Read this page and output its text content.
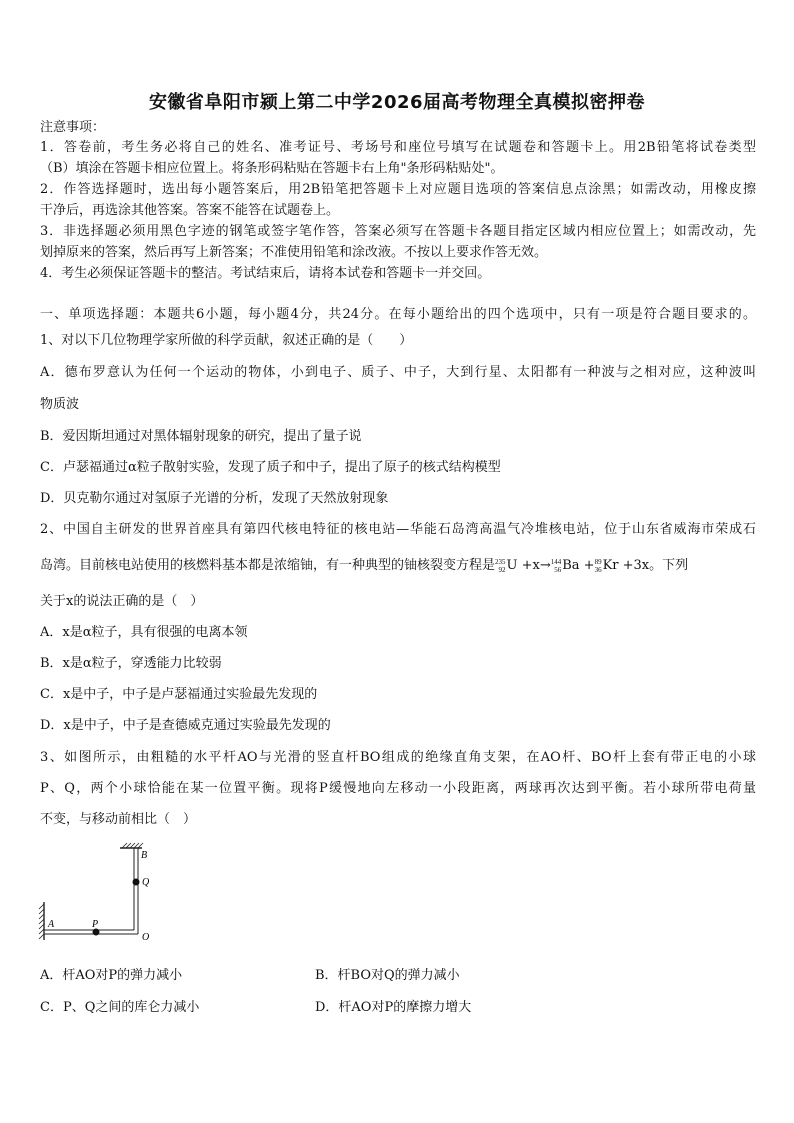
安徽省阜阳市颍上第二中学2026届高考物理全真模拟密押卷
注意事项：
1．答卷前，考生务必将自己的姓名、准考证号、考场号和座位号填写在试题卷和答题卡上。用2B铅笔将试卷类型
（B）填涂在答题卡相应位置上。将条形码粘贴在答题卡右上角"条形码粘贴处"。
2．作答选择题时，选出每小题答案后，用2B铅笔把答题卡上对应题目选项的答案信息点涂黑；如需改动，用橡皮擦
干净后，再选涂其他答案。答案不能答在试题卷上。
3．非选择题必须用黑色字迹的钢笔或签字笔作答，答案必须写在答题卡各题目指定区域内相应位置上；如需改动，先
划掉原来的答案，然后再写上新答案；不准使用铅笔和涂改液。不按以上要求作答无效。
4．考生必须保证答题卡的整洁。考试结束后，请将本试卷和答题卡一并交回。
一、单项选择题：本题共6小题，每小题4分，共24分。在每小题给出的四个选项中，只有一项是符合题目要求的。
1、对以下几位物理学家所做的科学贡献，叙述正确的是（　　）
A．德布罗意认为任何一个运动的物体，小到电子、质子、中子，大到行星、太阳都有一种波与之相对应，这种波叫
物质波
B．爱因斯坦通过对黑体辐射现象的研究，提出了量子说
C．卢瑟福通过α粒子散射实验，发现了质子和中子，提出了原子的核式结构模型
D．贝克勒尔通过对氢原子光谱的分析，发现了天然放射现象
2、中国自主研发的世界首座具有第四代核电特征的核电站—华能石岛湾高温气冷堆核电站，位于山东省威海市荣成石
岛湾。目前核电站使用的核燃料基本都是浓缩铀，有一种典型的铀核裂变方程是 235
92 U +x→ 144
56 Ba + 89
36 Kr +3x。下列
关于x的说法正确的是（　）
A．x是α粒子，具有很强的电离本领
B．x是α粒子，穿透能力比较弱
C．x是中子，中子是卢瑟福通过实验最先发现的
D．x是中子，中子是查德威克通过实验最先发现的
3、如图所示，由粗糙的水平杆AO与光滑的竖直杆BO组成的绝缘直角支架，在AO杆、BO杆上套有带正电的小球
P、Q，两个小球恰能在某一位置平衡。现将P缓慢地向左移动一小段距离，两球再次达到平衡。若小球所带电荷量
不变，与移动前相比（　）
A	P
B
Q
O
A．杆AO对P的弹力减小	B．杆BO对Q的弹力减小
C．P、Q之间的库仑力减小	D．杆AO对P的摩擦力增大
